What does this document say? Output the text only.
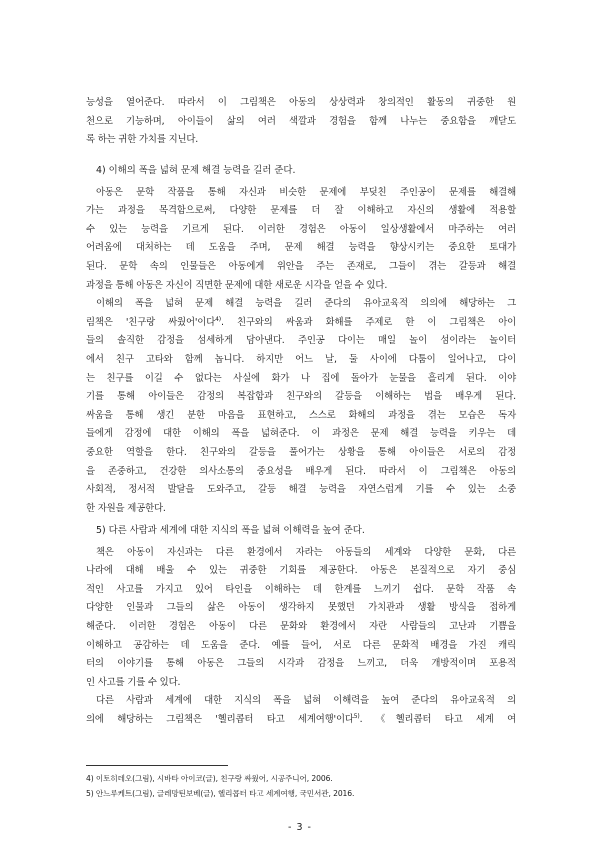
능성을 열어준다. 따라서 이 그림책은 아동의 상상력과 창의적인 활동의 귀중한 원

천으로 기능하며, 아이들이 삶의 여러 색깔과 경험을 함께 나누는 중요함을 깨닫도

록 하는 귀한 가치를 지닌다.

4) 이해의 폭을 넓혀 문제 해결 능력을 길러 준다.

아동은 문학 작품을 통해 자신과 비슷한 문제에 부딪친 주인공이 문제를 해결해

가는 과정을 목격함으로써, 다양한 문제를 더 잘 이해하고 자신의 생활에 적용할

수 있는 능력을 기르게 된다. 이러한 경험은 아동이 일상생활에서 마주하는 여러

어려움에 대처하는 데 도움을 주며, 문제 해결 능력을 향상시키는 중요한 토대가

된다. 문학 속의 인물들은 아동에게 위안을 주는 존재로, 그들이 겪는 갈등과 해결

과정을 통해 아동은 자신이 직면한 문제에 대한 새로운 시각을 얻을 수 있다.

이해의 폭을 넓혀 문제 해결 능력을 길러 준다의 유아교육적 의의에 해당하는 그

림책은 '친구랑 싸웠어'이다$^{4)}$. 친구와의 싸움과 화해를 주제로 한 이 그림책은 아이

들의 솔직한 감정을 섬세하게 담아낸다. 주인공 다이는 매일 놀이 섬이라는 놀이터

에서 친구 고타와 함께 놉니다. 하지만 어느 날, 둘 사이에 다툼이 일어나고, 다이

는 친구를 이길 수 없다는 사실에 화가 나 집에 돌아가 눈물을 흘리게 된다. 이야

기를 통해 아이들은 감정의 복잡함과 친구와의 갈등을 이해하는 법을 배우게 된다.

싸움을 통해 생긴 분한 마음을 표현하고, 스스로 화해의 과정을 겪는 모습은 독자

들에게 감정에 대한 이해의 폭을 넓혀준다. 이 과정은 문제 해결 능력을 키우는 데

중요한 역할을 한다. 친구와의 갈등을 풀어가는 상황을 통해 아이들은 서로의 감정

을 존중하고, 건강한 의사소통의 중요성을 배우게 된다. 따라서 이 그림책은 아동의

사회적, 정서적 발달을 도와주고, 갈등 해결 능력을 자연스럽게 기를 수 있는 소중

한 자원을 제공한다.

5) 다른 사람과 세계에 대한 지식의 폭을 넓혀 이해력을 높여 준다.

책은 아동이 자신과는 다른 환경에서 자라는 아동들의 세계와 다양한 문화, 다른

나라에 대해 배울 수 있는 귀중한 기회를 제공한다. 아동은 본질적으로 자기 중심

적인 사고를 가지고 있어 타인을 이해하는 데 한계를 느끼기 쉽다. 문학 작품 속

다양한 인물과 그들의 삶은 아동이 생각하지 못했던 가치관과 생활 방식을 접하게

해준다. 이러한 경험은 아동이 다른 문화와 환경에서 자란 사람들의 고난과 기쁨을

이해하고 공감하는 데 도움을 준다. 예를 들어, 서로 다른 문화적 배경을 가진 캐릭

터의 이야기를 통해 아동은 그들의 시각과 감정을 느끼고, 더욱 개방적이며 포용적

인 사고를 기를 수 있다.

다른 사람과 세계에 대한 지식의 폭을 넓혀 이해력을 높여 준다의 유아교육적 의

의에 해당하는 그림책은 '헬리콥터 타고 세계여행'이다$^{5)}$. 《헬리콥터 타고 세계 여

4) 이토히데오(그림), 시바타 아이코(글), 친구랑 싸웠어, 시공주니어, 2006.

5) 안느루케트(그림), 글레망틴보베(글), 헬리콥터 타고 세계여행, 국민서관, 2016.

- 3 -
